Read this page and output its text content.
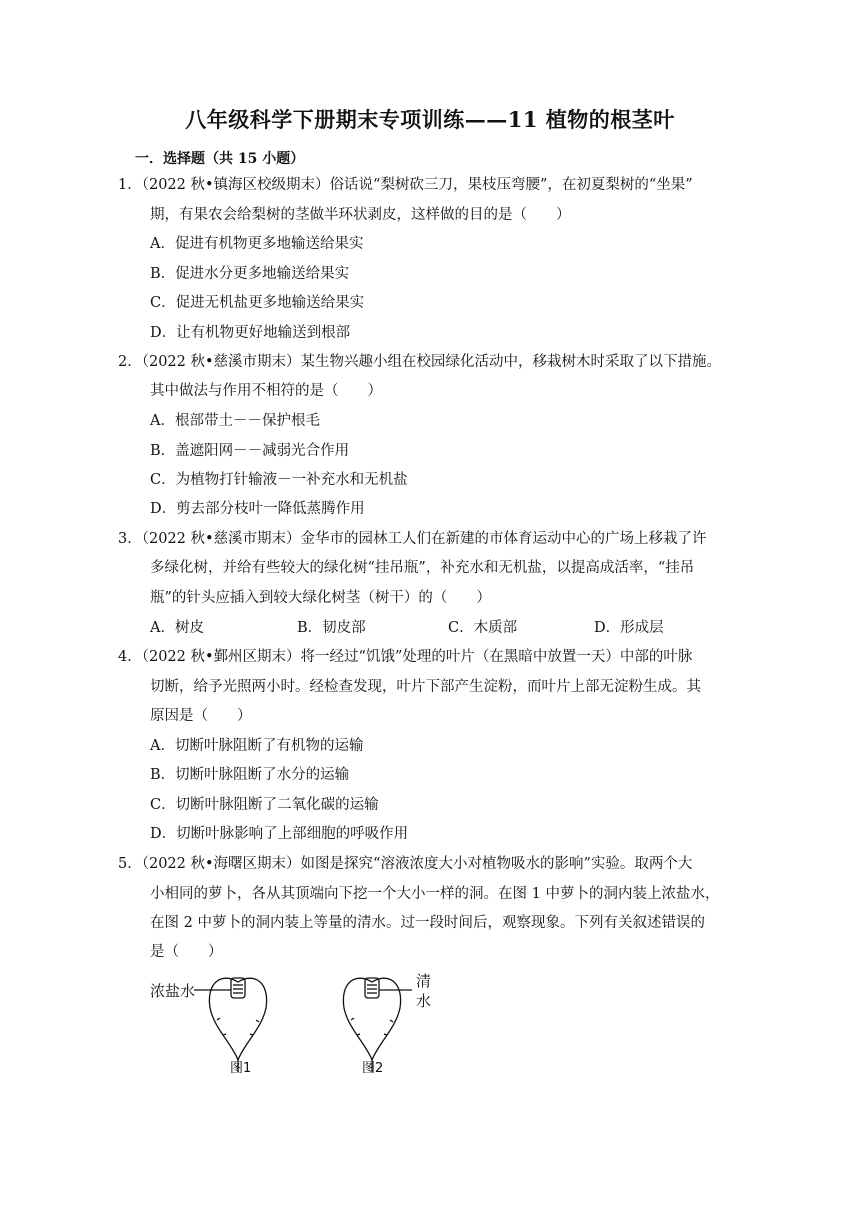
八年级科学下册期末专项训练——11 植物的根茎叶
一．选择题（共 15 小题）
1．（2022 秋•镇海区校级期末）俗话说“梨树砍三刀，果枝压弯腰”，在初夏梨树的“坐果”
期，有果农会给梨树的茎做半环状剥皮，这样做的目的是（　　）
A．促进有机物更多地输送给果实
B．促进水分更多地输送给果实
C．促进无机盐更多地输送给果实
D．让有机物更好地输送到根部
2．（2022 秋•慈溪市期末）某生物兴趣小组在校园绿化活动中，移栽树木时采取了以下措施。
其中做法与作用不相符的是（　　）
A．根部带土－－保护根毛
B．盖遮阳网－－减弱光合作用
C．为植物打针输液－一补充水和无机盐
D．剪去部分枝叶一降低蒸腾作用
3．（2022 秋•慈溪市期末）金华市的园林工人们在新建的市体育运动中心的广场上移栽了许
多绿化树，并给有些较大的绿化树“挂吊瓶”，补充水和无机盐，以提高成活率，“挂吊
瓶”的针头应插入到较大绿化树茎（树干）的（　　）
A．树皮	B．韧皮部	C．木质部	D．形成层
4．（2022 秋•鄞州区期末）将一经过“饥饿”处理的叶片（在黑暗中放置一天）中部的叶脉
切断，给予光照两小时。经检查发现，叶片下部产生淀粉，而叶片上部无淀粉生成。其
原因是（　　）
A．切断叶脉阻断了有机物的运输
B．切断叶脉阻断了水分的运输
C．切断叶脉阻断了二氧化碳的运输
D．切断叶脉影响了上部细胞的呼吸作用
5．（2022 秋•海曙区期末）如图是探究“溶液浓度大小对植物吸水的影响”实验。取两个大
小相同的萝卜，各从其顶端向下挖一个大小一样的洞。在图 1 中萝卜的洞内装上浓盐水，
在图 2 中萝卜的洞内装上等量的清水。过一段时间后，观察现象。下列有关叙述错误的
是（　　）
浓盐水
图1
清
水
图2
